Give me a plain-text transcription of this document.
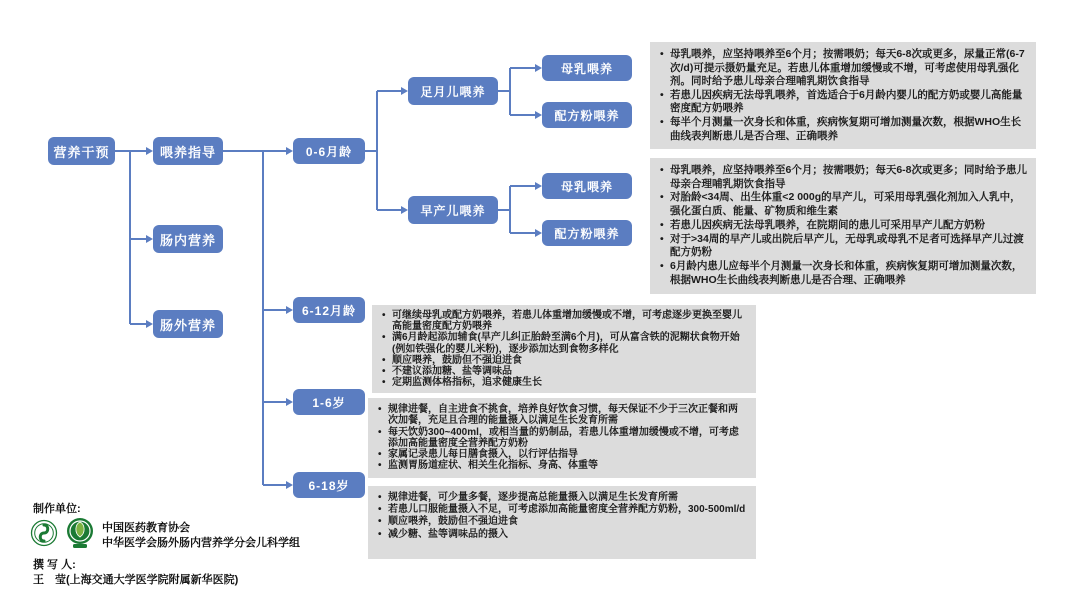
营养干预	喂养指导
肠内营养
肠外营养
0-6月龄
6-12月龄
1-6岁
6-18岁
足月儿喂养
早产儿喂养
母乳喂养
配方粉喂养
母乳喂养
配方粉喂养
• 母乳喂养，应坚持喂养至6个月；按需喂奶；每天6-8次或更多，尿量正常(6-7次/d)可提示摄奶量充足。若患儿体重增加缓慢或不增，可考虑使用母乳强化剂。同时给予患儿母亲合理哺乳期饮食指导
• 若患儿因疾病无法母乳喂养，首选适合于6月龄内婴儿的配方奶或婴儿高能量密度配方奶喂养
• 每半个月测量一次身长和体重，疾病恢复期可增加测量次数，根据WHO生长曲线表判断患儿是否合理、正确喂养
• 母乳喂养，应坚持喂养至6个月；按需喂奶；每天6-8次或更多；同时给予患儿母亲合理哺乳期饮食指导
• 对胎龄<34周、出生体重<2 000g的早产儿，可采用母乳强化剂加入人乳中，强化蛋白质、能量、矿物质和维生素
• 若患儿因疾病无法母乳喂养，在院期间的患儿可采用早产儿配方奶粉
• 对于>34周的早产儿或出院后早产儿，无母乳或母乳不足者可选择早产儿过渡配方奶粉
• 6月龄内患儿应每半个月测量一次身长和体重，疾病恢复期可增加测量次数，根据WHO生长曲线表判断患儿是否合理、正确喂养
• 可继续母乳或配方奶喂养，若患儿体重增加缓慢或不增，可考虑逐步更换至婴儿高能量密度配方奶喂养
• 满6月龄起添加辅食(早产儿纠正胎龄至满6个月)，可从富含铁的泥糊状食物开始(例如铁强化的婴儿米粉)，逐步添加达到食物多样化
• 顺应喂养，鼓励但不强迫进食
• 不建议添加糖、盐等调味品
• 定期监测体格指标，追求健康生长
• 规律进餐，自主进食不挑食，培养良好饮食习惯，每天保证不少于三次正餐和两次加餐，充足且合理的能量摄入以满足生长发育所需
• 每天饮奶300~400ml，或相当量的奶制品，若患儿体重增加缓慢或不增，可考虑添加高能量密度全营养配方奶粉
• 家属记录患儿每日膳食摄入，以行评估指导
• 监测胃肠道症状、相关生化指标、身高、体重等
• 规律进餐，可少量多餐，逐步提高总能量摄入以满足生长发育所需
• 若患儿口服能量摄入不足，可考虑添加高能量密度全营养配方奶粉，300-500ml/d
• 顺应喂养，鼓励但不强迫进食
• 减少糖、盐等调味品的摄入
制作单位:
中国医药教育协会
中华医学会肠外肠内营养学分会儿科学组
撰 写 人:
王　莹(上海交通大学医学院附属新华医院)
